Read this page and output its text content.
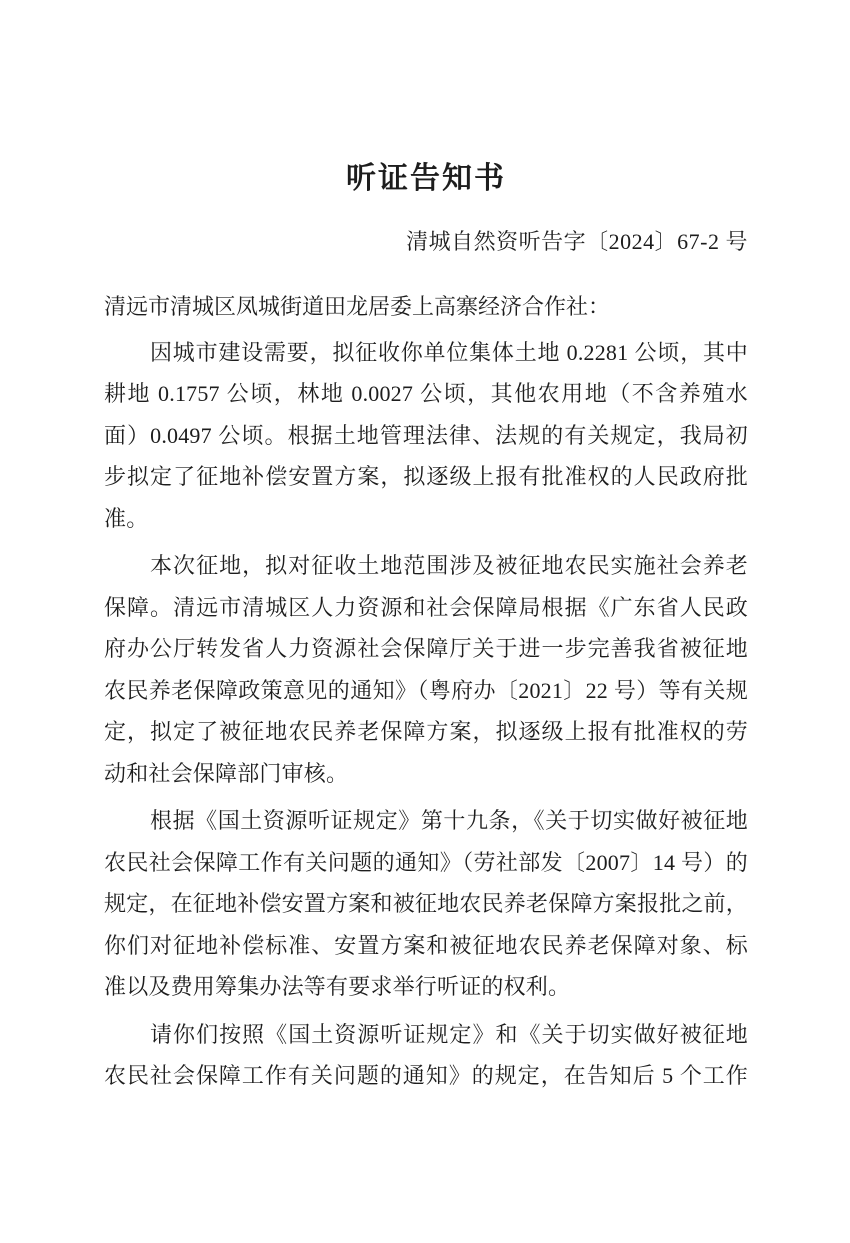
听证告知书
清城自然资听告字〔2024〕67-2 号
清远市清城区凤城街道田龙居委上高寨经济合作社：
因城市建设需要，拟征收你单位集体土地 0.2281 公顷，其中
耕地 0.1757 公顷，林地 0.0027 公顷，其他农用地（不含养殖水
面）0.0497 公顷。根据土地管理法律、法规的有关规定，我局初
步拟定了征地补偿安置方案，拟逐级上报有批准权的人民政府批
准。
本次征地，拟对征收土地范围涉及被征地农民实施社会养老
保障。清远市清城区人力资源和社会保障局根据《广东省人民政
府办公厅转发省人力资源社会保障厅关于进一步完善我省被征地
农民养老保障政策意见的通知》（粤府办〔2021〕22 号）等有关规
定，拟定了被征地农民养老保障方案，拟逐级上报有批准权的劳
动和社会保障部门审核。
根据《国土资源听证规定》第十九条，《关于切实做好被征地
农民社会保障工作有关问题的通知》（劳社部发〔2007〕14 号）的
规定，在征地补偿安置方案和被征地农民养老保障方案报批之前，
你们对征地补偿标准、安置方案和被征地农民养老保障对象、标
准以及费用筹集办法等有要求举行听证的权利。
请你们按照《国土资源听证规定》和《关于切实做好被征地
农民社会保障工作有关问题的通知》的规定，在告知后 5 个工作
